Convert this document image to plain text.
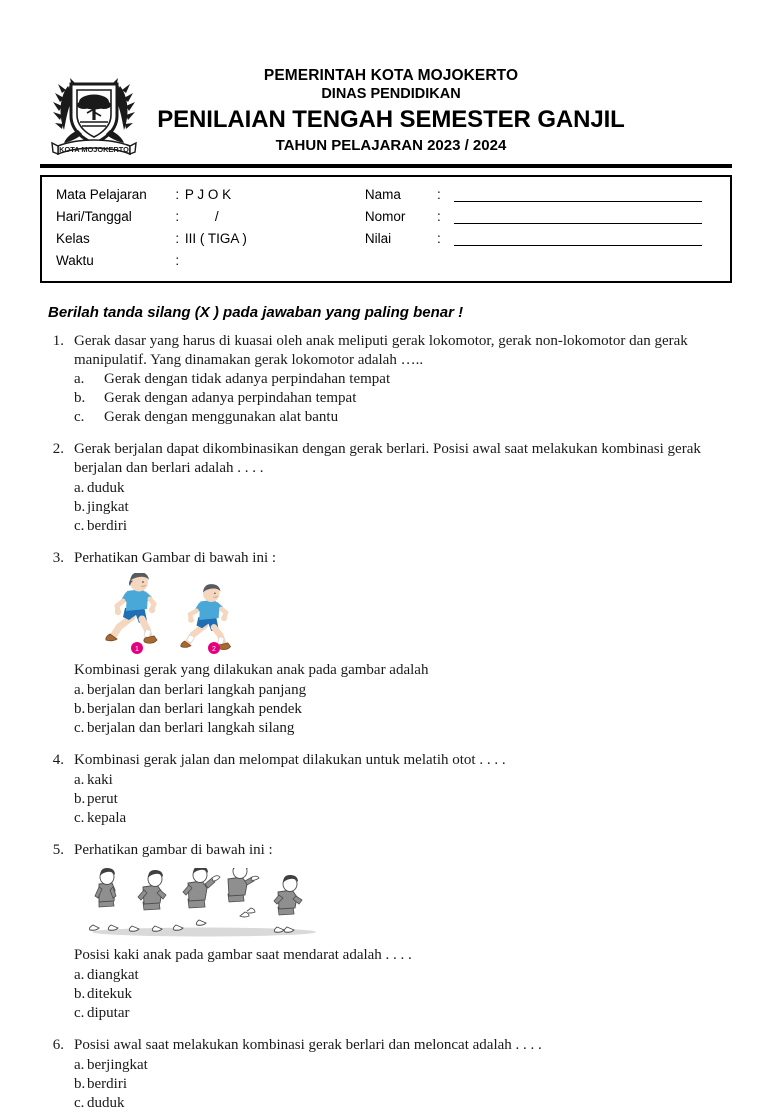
KOTA MOJOKERTO
PEMERINTAH KOTA MOJOKERTO
DINAS PENDIDIKAN
PENILAIAN TENGAH SEMESTER GANJIL
TAHUN PELAJARAN 2023 / 2024
Mata Pelajaran	: P J O K	Nama	:
Hari/Tanggal	: /	Nomor	:
Kelas	: III ( TIGA )	Nilai	:
Waktu	:
Berilah tanda silang (X ) pada jawaban yang paling benar !
1. Gerak dasar yang harus di kuasai oleh anak meliputi gerak lokomotor, gerak non-lokomotor dan gerak manipulatif. Yang dinamakan gerak lokomotor adalah …..
a.	Gerak dengan tidak adanya perpindahan tempat
b.	Gerak dengan adanya perpindahan tempat
c.	Gerak dengan menggunakan alat bantu
2. Gerak berjalan dapat dikombinasikan dengan gerak berlari. Posisi awal saat melakukan kombinasi gerak berjalan dan berlari adalah . . . .
a. duduk
b. jingkat
c. berdiri
3. Perhatikan Gambar di bawah ini :
1	2
Kombinasi gerak yang dilakukan anak pada gambar adalah
a. berjalan dan berlari langkah panjang
b. berjalan dan berlari langkah pendek
c. berjalan dan berlari langkah silang
4. Kombinasi gerak jalan dan melompat dilakukan untuk melatih otot . . . .
a. kaki
b. perut
c. kepala
5. Perhatikan gambar di bawah ini :
Posisi kaki anak pada gambar saat mendarat adalah . . . .
a. diangkat
b. ditekuk
c. diputar
6. Posisi awal saat melakukan kombinasi gerak berlari dan meloncat adalah . . . .
a. berjingkat
b. berdiri
c. duduk
